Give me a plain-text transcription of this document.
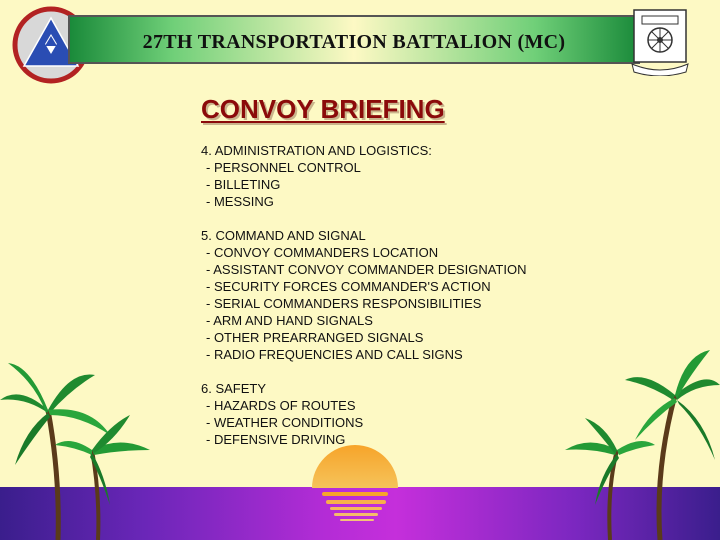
27TH TRANSPORTATION BATTALION (MC)
CONVOY BRIEFING
4. ADMINISTRATION AND LOGISTICS:
- PERSONNEL CONTROL
- BILLETING
- MESSING
5. COMMAND AND SIGNAL
- CONVOY COMMANDERS LOCATION
- ASSISTANT CONVOY COMMANDER DESIGNATION
- SECURITY FORCES COMMANDER'S ACTION
- SERIAL COMMANDERS RESPONSIBILITIES
- ARM AND HAND SIGNALS
- OTHER PREARRANGED SIGNALS
- RADIO FREQUENCIES AND CALL SIGNS
6. SAFETY
- HAZARDS OF ROUTES
- WEATHER CONDITIONS
- DEFENSIVE DRIVING
